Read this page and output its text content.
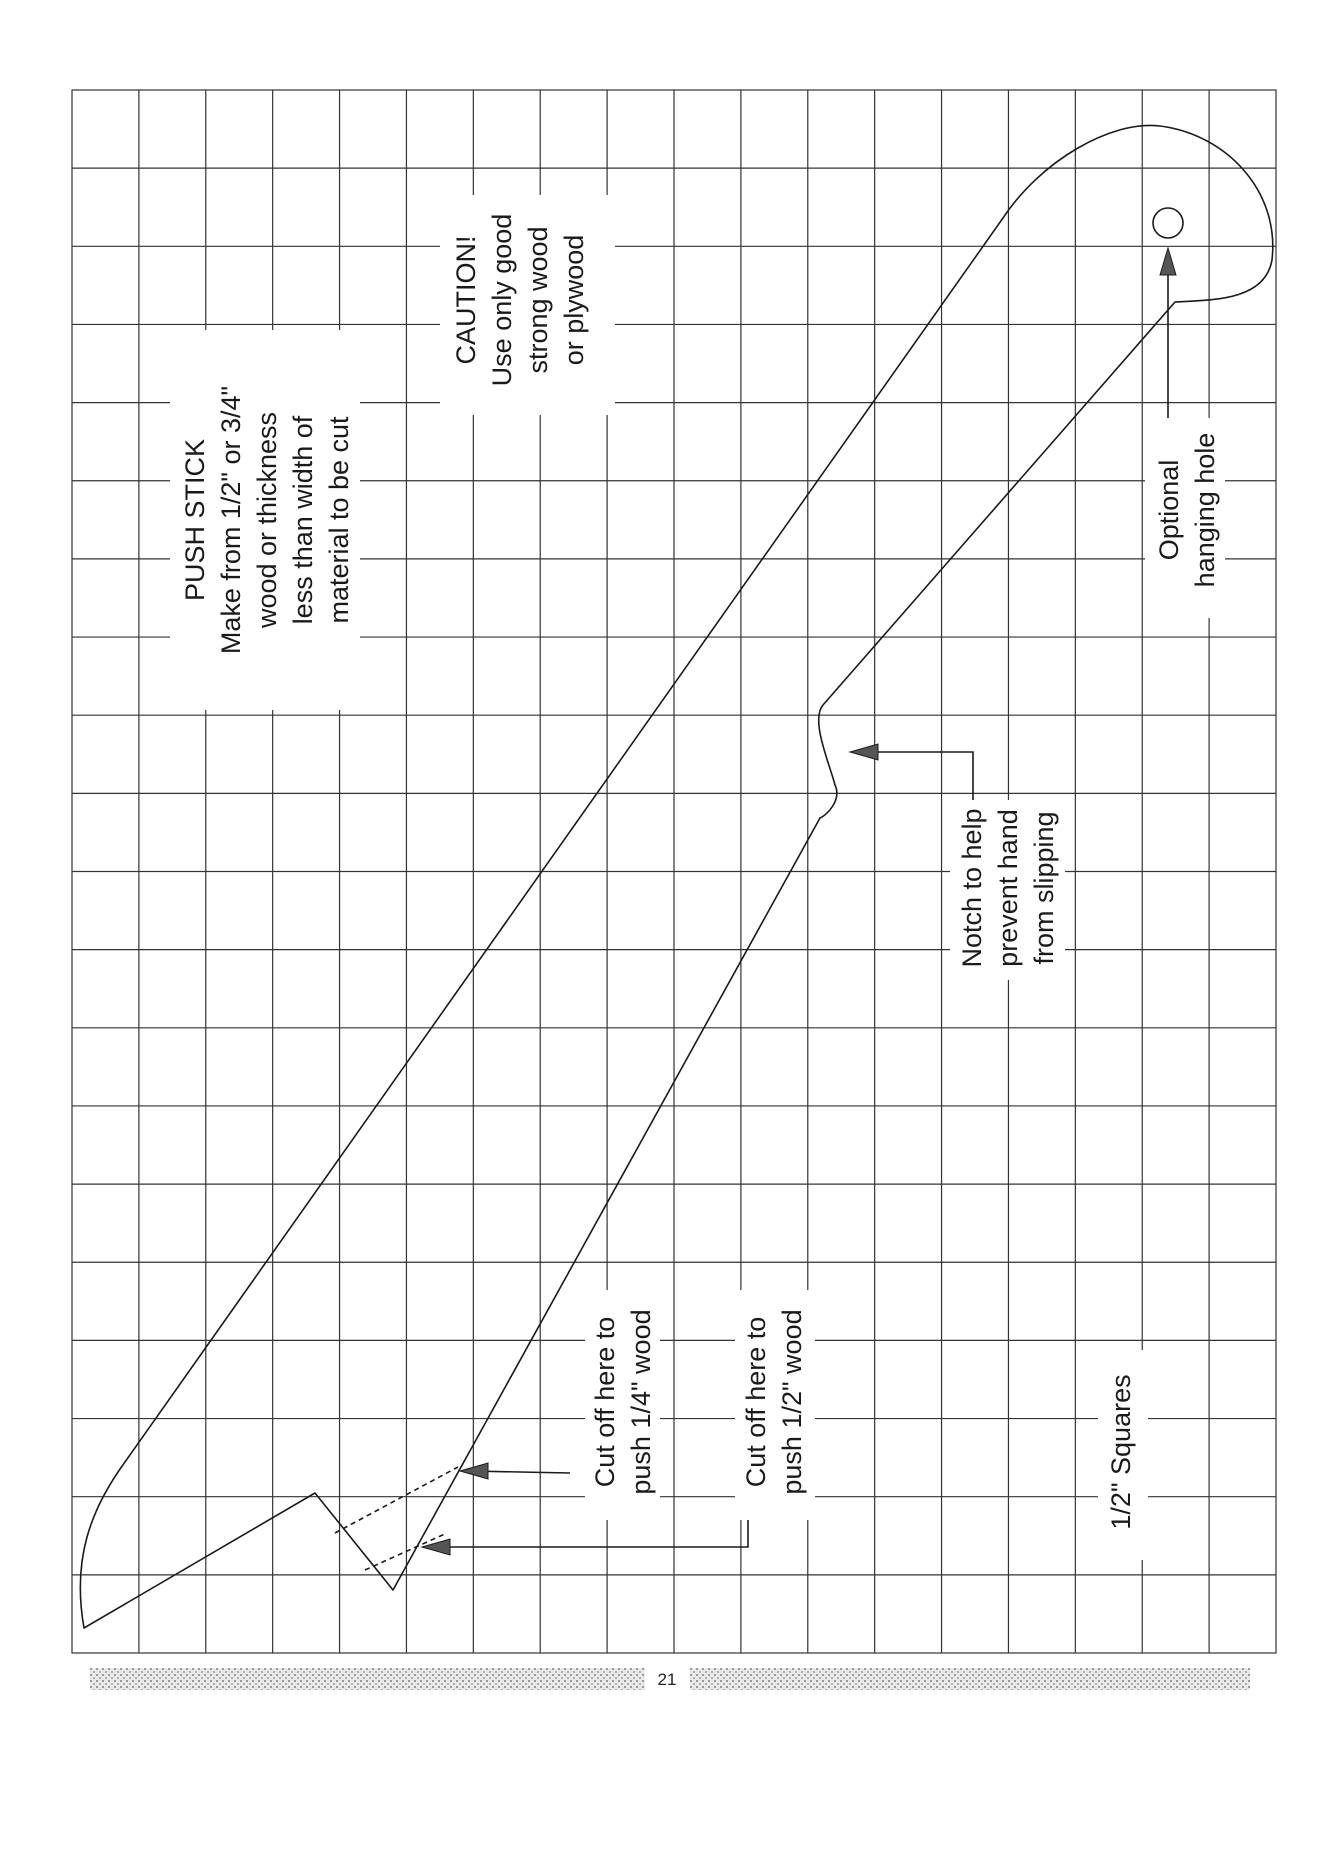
PUSH STICK Make from 1/2" or 3/4" wood or thickness less than width of material to be cut
CAUTION! Use only good strong wood or plywood
Notch to help prevent hand from slipping
Optional hanging hole
Cut off here to push 1/4" wood	Cut off here to push 1/2" wood	1/2" Squares
21
